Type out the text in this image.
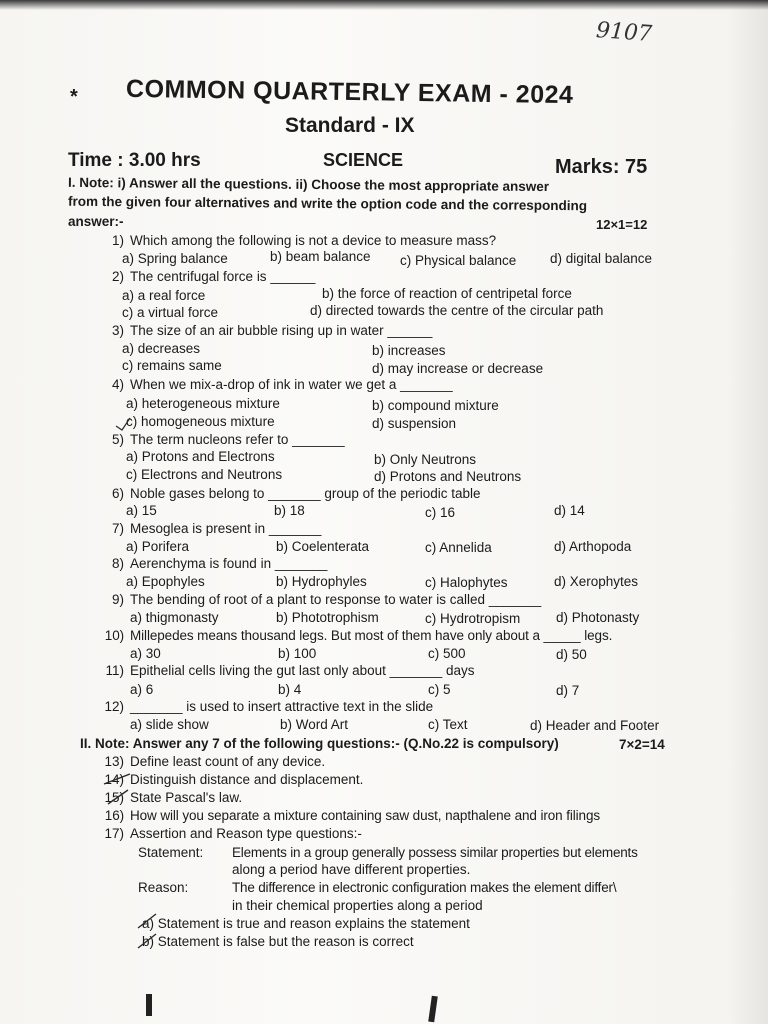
9107
* COMMON QUARTERLY EXAM - 2024
Standard - IX
Time : 3.00 hrs	SCIENCE	Marks: 75
I. Note: i) Answer all the questions. ii) Choose the most appropriate answer
from the given four alternatives and write the option code and the corresponding
answer:-	12×1=12
1) Which among the following is not a device to measure mass?
a) Spring balance	b) beam balance c) Physical balance d) digital balance
2) The centrifugal force is ______
a) a real force	b) the force of reaction of centripetal force
c) a virtual force	d) directed towards the centre of the circular path
3) The size of an air bubble rising up in water ______
a) decreases	b) increases
c) remains same	d) may increase or decrease
4) When we mix-a-drop of ink in water we get a _______
a) heterogeneous mixture	b) compound mixture
c) homogeneous mixture	d) suspension
5) The term nucleons refer to _______
a) Protons and Electrons	b) Only Neutrons
c) Electrons and Neutrons	d) Protons and Neutrons
6) Noble gases belong to _______ group of the periodic table
a) 15	b) 18	c) 16	d) 14
7) Mesoglea is present in _______
a) Porifera	b) Coelenterata	c) Annelida	d) Arthopoda
8) Aerenchyma is found in _______
a) Epophyles	b) Hydrophyles	c) Halophytes	d) Xerophytes
9) The bending of root of a plant to response to water is called _______
a) thigmonasty	b) Phototrophism	c) Hydrotropism	d) Photonasty
10) Millepedes means thousand legs. But most of them have only about a _____ legs.
a) 30	b) 100	c) 500	d) 50
11) Epithelial cells living the gut last only about _______ days
a) 6	b) 4	c) 5	d) 7
12) _______ is used to insert attractive text in the slide
a) slide show	b) Word Art	c) Text	d) Header and Footer
II. Note: Answer any 7 of the following questions:- (Q.No.22 is compulsory)	7×2=14
13) Define least count of any device.
14) Distinguish distance and displacement.
15) State Pascal's law.
16) How will you separate a mixture containing saw dust, napthalene and iron filings
17) Assertion and Reason type questions:-
Statement: Elements in a group generally possess similar properties but elements
along a period have different properties.
Reason:	The difference in electronic configuration makes the element differ\
in their chemical properties along a period
a) Statement is true and reason explains the statement
b) Statement is false but the reason is correct
